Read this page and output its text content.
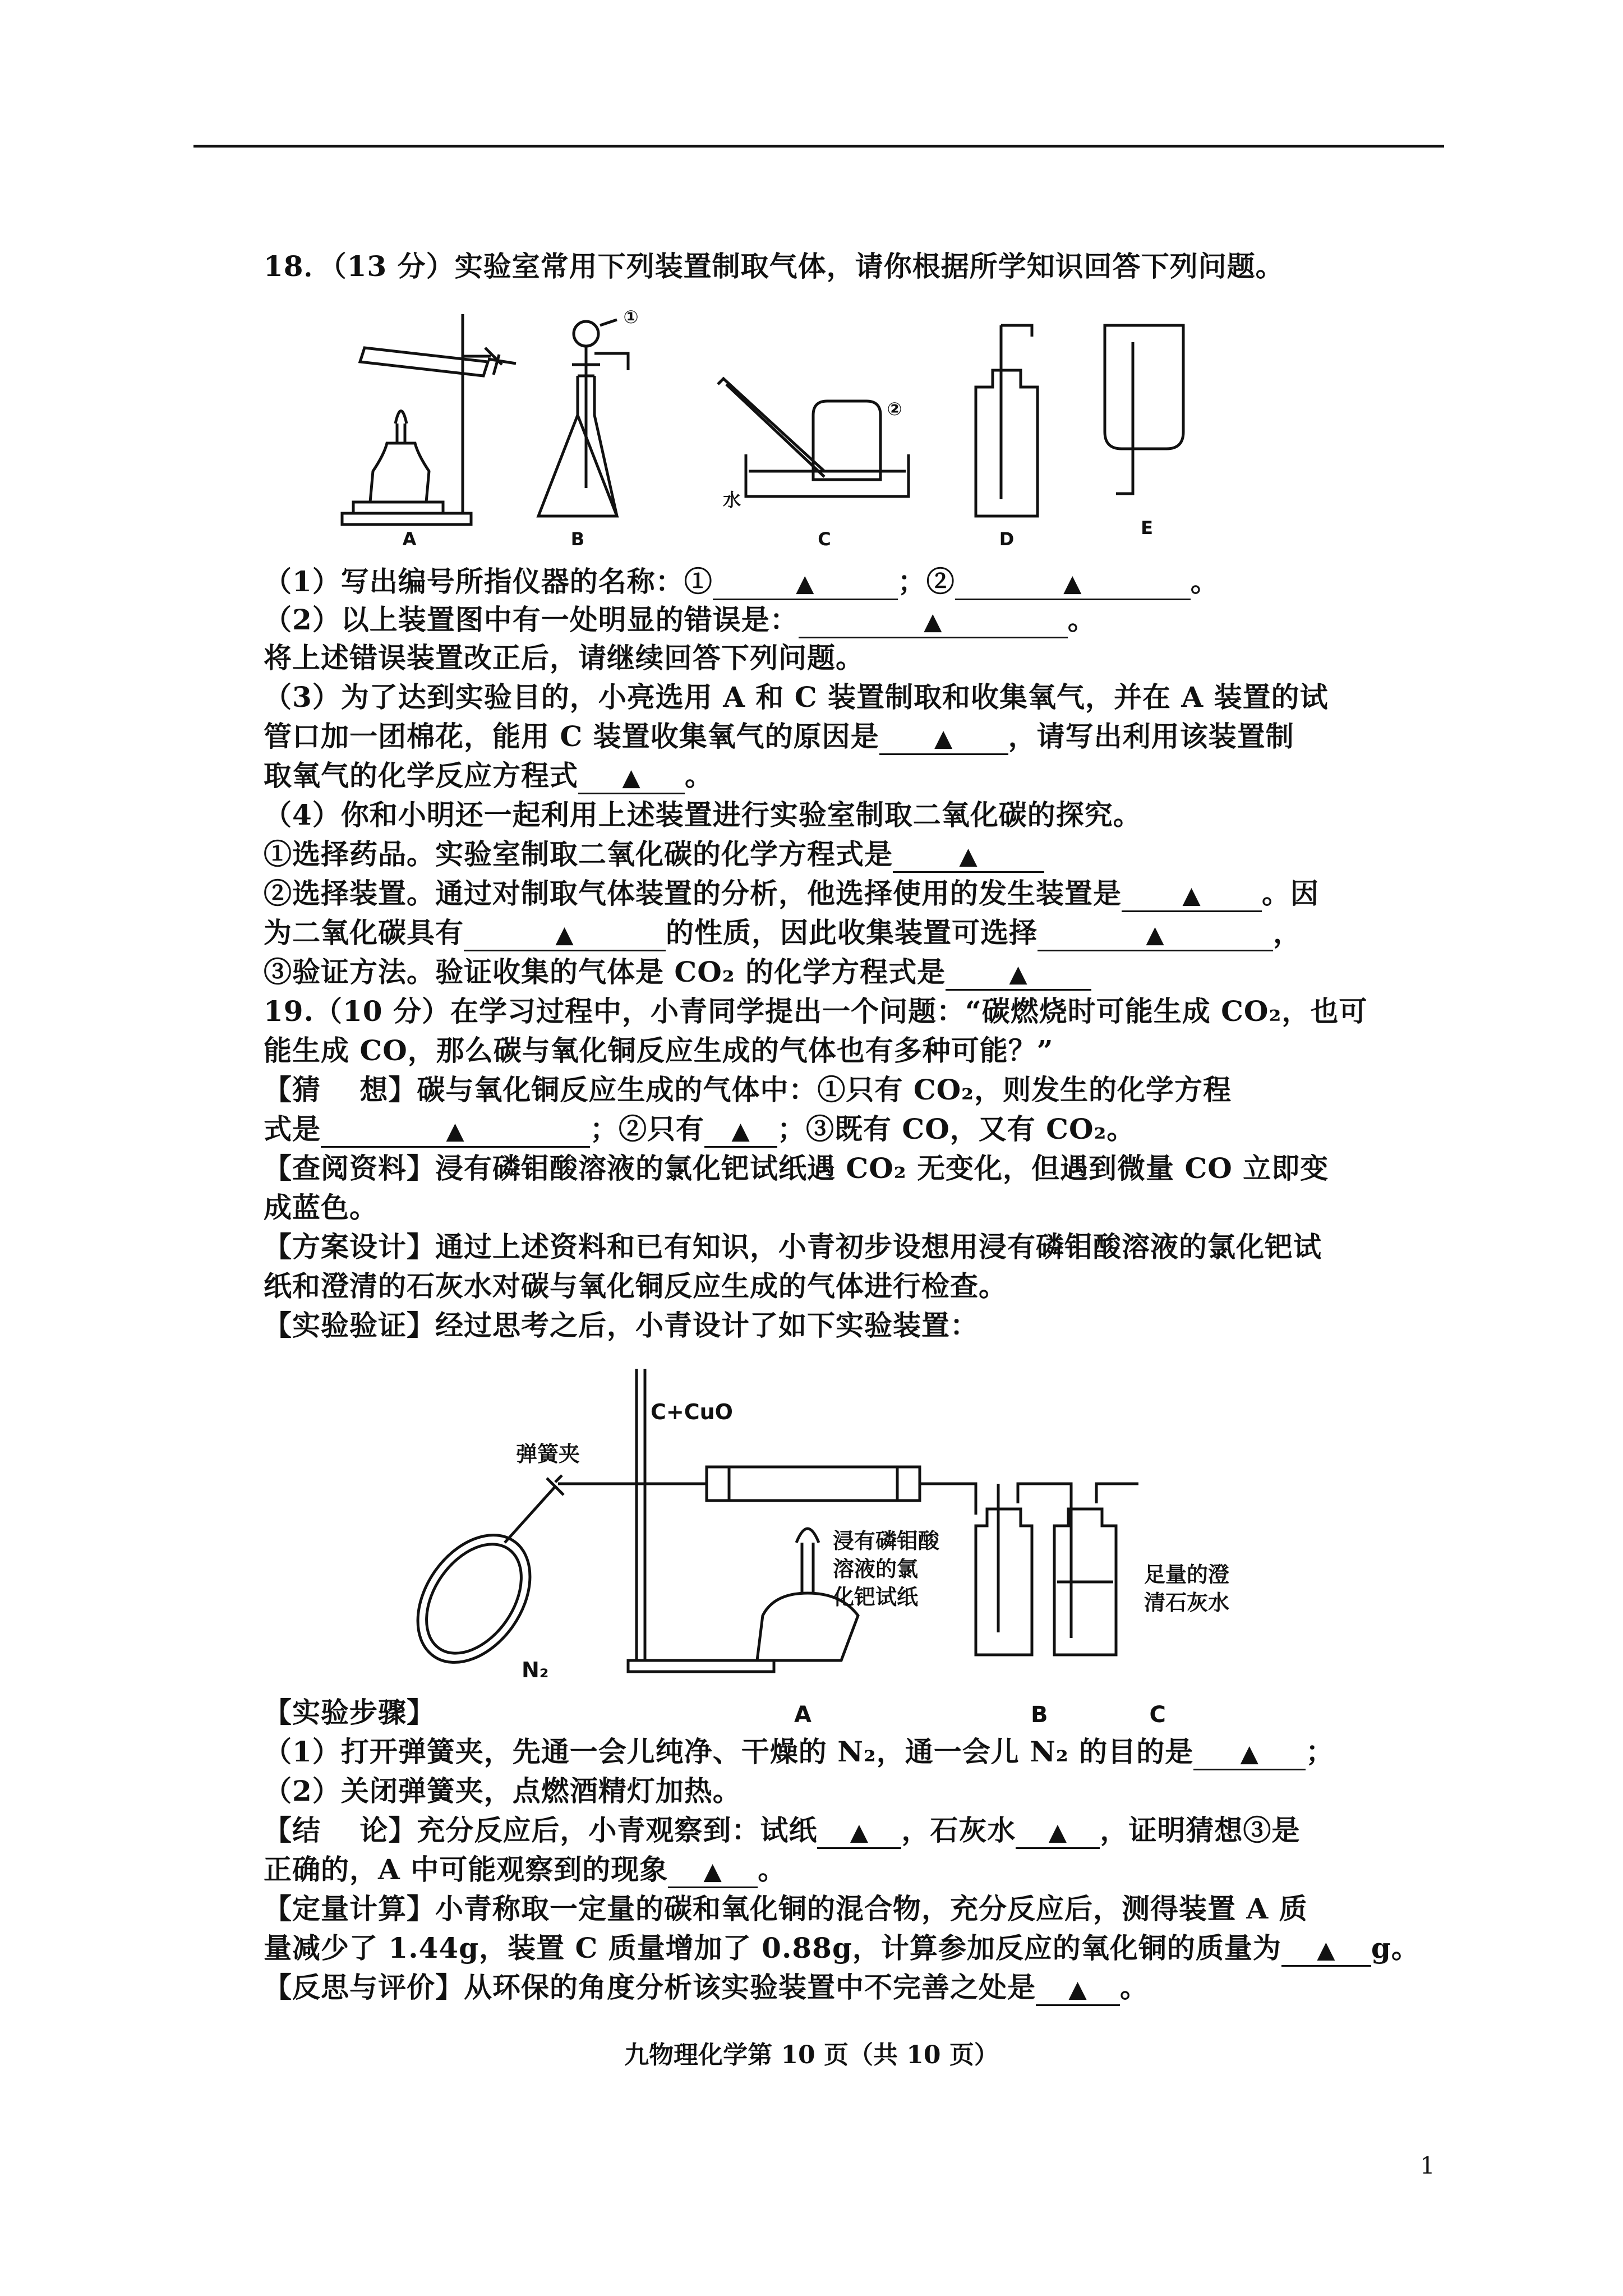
18．（13 分）实验室常用下列装置制取气体，请你根据所学知识回答下列问题。
A	B	C	D
E
①
②
水
（1）写出编号所指仪器的名称：①	▲	；②	▲	。
（2）以上装置图中有一处明显的错误是：	▲	。
将上述错误装置改正后，请继续回答下列问题。
（3）为了达到实验目的，小亮选用 A 和 C 装置制取和收集氧气，并在 A 装置的试
管口加一团棉花，能用 C 装置收集氧气的原因是 ▲ ，请写出利用该装置制
取氧气的化学反应方程式 ▲ 。
（4）你和小明还一起利用上述装置进行实验室制取二氧化碳的探究。
①选择药品。实验室制取二氧化碳的化学方程式是	▲
②选择装置。通过对制取气体装置的分析，他选择使用的发生装置是	▲ 。因
为二氧化碳具有	▲	的性质，因此收集装置可选择	▲	，
③验证方法。验证收集的气体是 CO₂ 的化学方程式是	▲
19.（10 分）在学习过程中，小青同学提出一个问题：“碳燃烧时可能生成 CO₂，也可
能生成 CO，那么碳与氧化铜反应生成的气体也有多种可能？”
【猜　 想】碳与氧化铜反应生成的气体中：①只有 CO₂，则发生的化学方程
式是	▲	；②只有 ▲ ；③既有 CO，又有 CO₂。
【查阅资料】浸有磷钼酸溶液的氯化钯试纸遇 CO₂ 无变化，但遇到微量 CO 立即变
成蓝色。
【方案设计】通过上述资料和已有知识，小青初步设想用浸有磷钼酸溶液的氯化钯试
纸和澄清的石灰水对碳与氧化铜反应生成的气体进行检查。
【实验验证】经过思考之后，小青设计了如下实验装置：
C+CuO
弹簧夹
N₂
浸有磷钼酸
溶液的氯
化钯试纸
足量的澄
清石灰水
【实验步骤】	A	B	C
（1）打开弹簧夹，先通一会儿纯净、干燥的 N₂，通一会儿 N₂ 的目的是 ▲ ；
（2）关闭弹簧夹，点燃酒精灯加热。
【结　 论】充分反应后，小青观察到：试纸 ▲ ，石灰水 ▲ ，证明猜想③是
正确的，A 中可能观察到的现象 ▲ 。
【定量计算】小青称取一定量的碳和氧化铜的混合物，充分反应后，测得装置 A 质
量减少了 1.44g，装置 C 质量增加了 0.88g，计算参加反应的氧化铜的质量为 ▲ g。
【反思与评价】从环保的角度分析该实验装置中不完善之处是 ▲ 。
九物理化学第 10 页（共 10 页）
1
